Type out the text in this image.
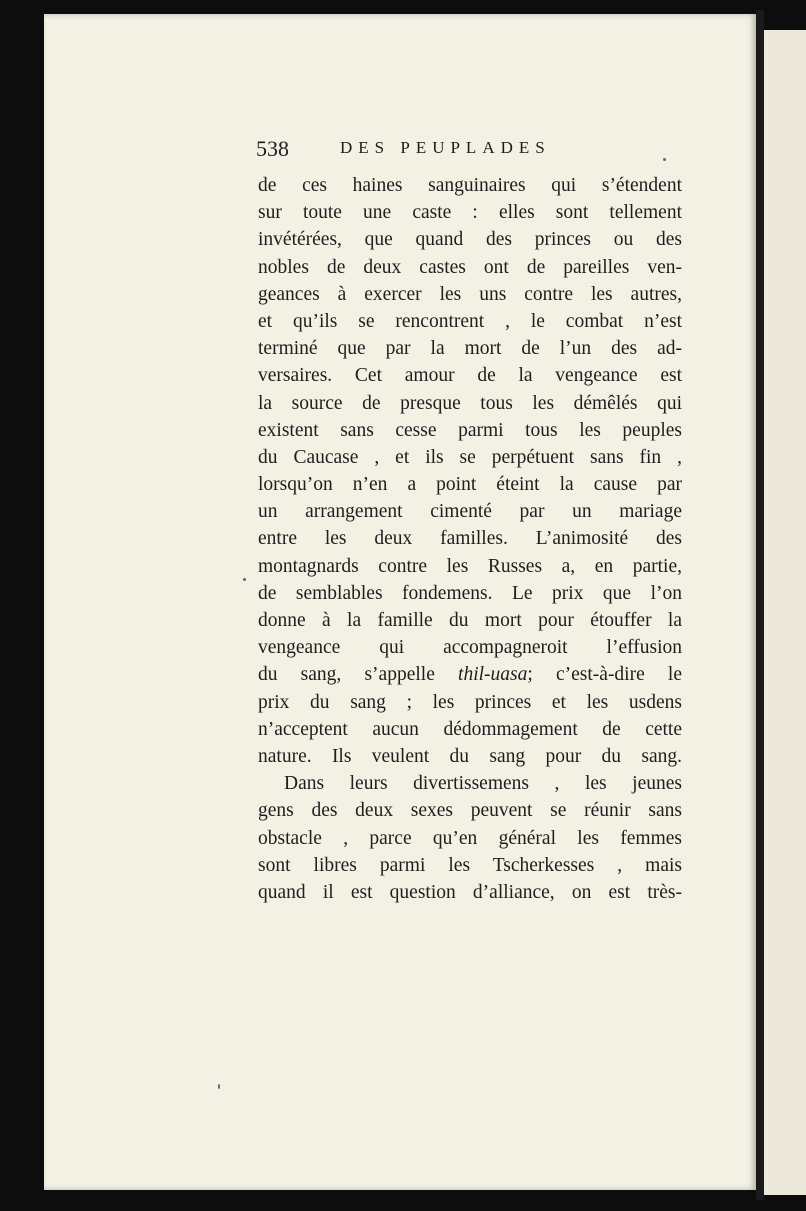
538	DES PEUPLADES
de ces haines sanguinaires qui s’étendent
sur toute une caste : elles sont tellement
invétérées, que quand des princes ou des
nobles de deux castes ont de pareilles ven-
geances à exercer les uns contre les autres,
et qu’ils se rencontrent , le combat n’est
terminé que par la mort de l’un des ad-
versaires. Cet amour de la vengeance est
la source de presque tous les démêlés qui
existent sans cesse parmi tous les peuples
du Caucase , et ils se perpétuent sans fin ,
lorsqu’on n’en a point éteint la cause par
un arrangement cimenté par un mariage
entre les deux familles. L’animosité des
montagnards contre les Russes a, en partie,
de semblables fondemens. Le prix que l’on
donne à la famille du mort pour étouffer la
vengeance qui accompagneroit l’effusion
du sang, s’appelle thil-uasa; c’est-à-dire le
prix du sang ; les princes et les usdens
n’acceptent aucun dédommagement de cette
nature. Ils veulent du sang pour du sang.
Dans leurs divertissemens , les jeunes
gens des deux sexes peuvent se réunir sans
obstacle , parce qu’en général les femmes
sont libres parmi les Tscherkesses , mais
quand il est question d’alliance, on est très-
